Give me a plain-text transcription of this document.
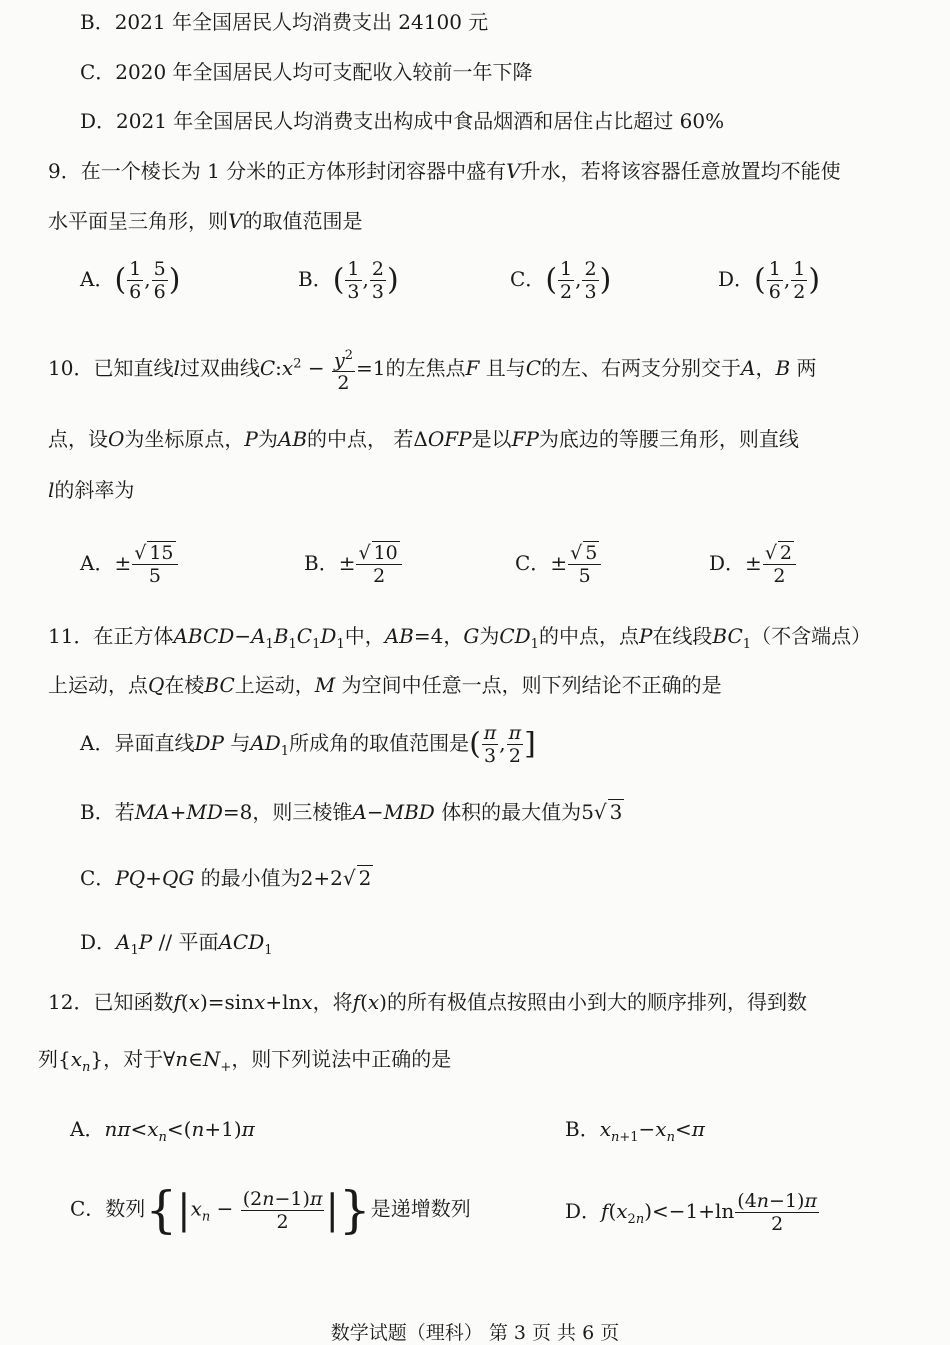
B．2021 年全国居民人均消费支出 24100 元
C．2020 年全国居民人均可支配收入较前一年下降
D．2021 年全国居民人均消费支出构成中食品烟酒和居住占比超过 60%
9．在一个棱长为 1 分米的正方体形封闭容器中盛有V升水，若将该容器任意放置均不能使
水平面呈三角形，则V的取值范围是
A．( $\frac{1}{6}$ , $\frac{5}{6}$ )	B．( $\frac{1}{3}$ , $\frac{2}{3}$ )	C．( $\frac{1}{2}$ , $\frac{2}{3}$ )	D．( $\frac{1}{6}$ , $\frac{1}{2}$ )
10．已知直线l过双曲线$C:x^2 - \frac{y^2}{2} =1$的左焦点F 且与C的左、右两支分别交于A，B 两
点，设O为坐标原点，P为AB的中点， 若ΔOFP是以FP为底边的等腰三角形，则直线
l的斜率为
A．± $\frac{√ 15}{5}$	B．± $\frac{√ 10}{2}$	C．± $\frac{√ 5}{5}$	D．± $\frac{√ 2}{2}$
11．在正方体$ABCD-A_1B_1C_1D_1$中，AB=4，G为$CD_1$的中点，点P在线段$BC_1$（不含端点）
上运动，点Q在棱BC上运动，M 为空间中任意一点，则下列结论不正确的是
A．异面直线DP 与$AD_1$所成角的取值范围是( $\frac{\pi}{3}$ , $\frac{\pi}{2}$ ]
B．若MA+MD=8，则三棱锥A−MBD 体积的最大值为5√ 3
C．PQ+QG 的最小值为2+2√ 2
D．$A_1P$ // 平面$ACD_1$
12．已知函数f(x)=sinx+lnx，将f(x)的所有极值点按照由小到大的顺序排列，得到数
列$\{x_n\}$，对于$\forall n\in N_+$，则下列说法中正确的是
A．$n\pi<x_n<(n+1)\pi$	B．$x_{n+1}-x_n<\pi$
C．数列{$|x_n - \frac{(2n-1)\pi}{2}$ |}是递增数列	D．$f(x_{2n})<-1+\ln \frac{(4n-1)\pi}{2}$
数学试题（理科） 第 3 页 共 6 页
